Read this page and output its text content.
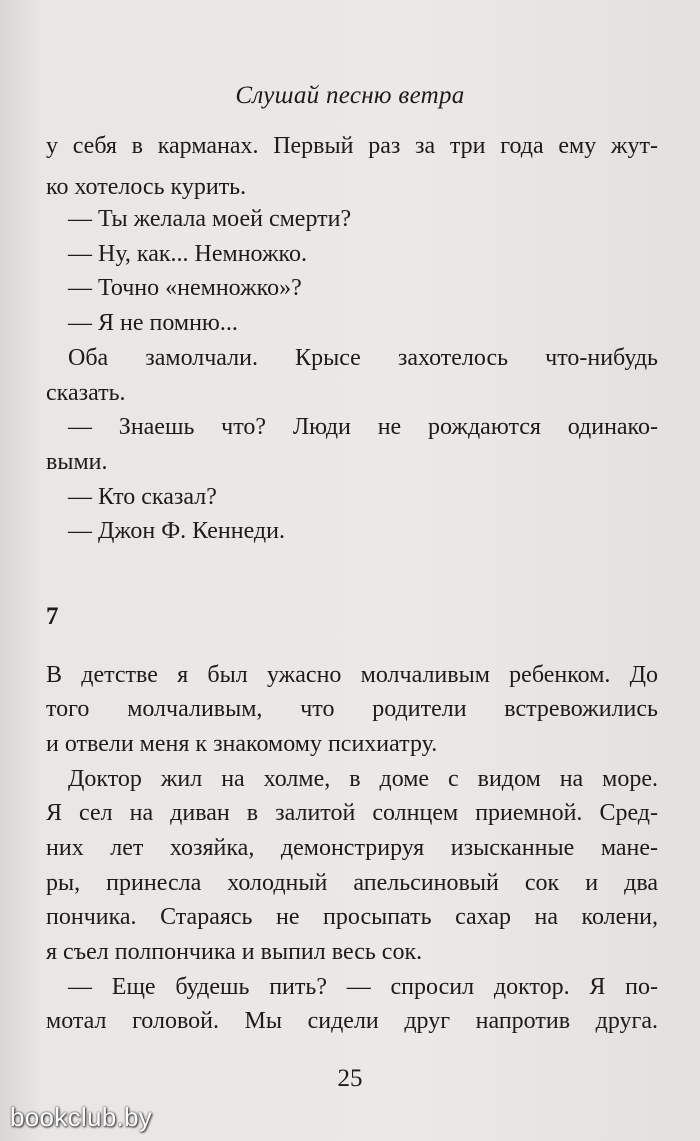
Слушай песню ветра
у себя в карманах. Первый раз за три года ему жут-
ко хотелось курить.
— Ты желала моей смерти?
— Ну, как... Немножко.
— Точно «немножко»?
— Я не помню...
Оба замолчали. Крысе захотелось что-нибудь
сказать.
— Знаешь что? Люди не рождаются одинако-
выми.
— Кто сказал?
— Джон Ф. Кеннеди.
7
В детстве я был ужасно молчаливым ребенком. До
того молчаливым, что родители встревожились
и отвели меня к знакомому психиатру.
Доктор жил на холме, в доме с видом на море.
Я сел на диван в залитой солнцем приемной. Сред-
них лет хозяйка, демонстрируя изысканные мане-
ры, принесла холодный апельсиновый сок и два
пончика. Стараясь не просыпать сахар на колени,
я съел полпончика и выпил весь сок.
— Еще будешь пить? — спросил доктор. Я по-
мотал головой. Мы сидели друг напротив друга.
25
bookclub.by
